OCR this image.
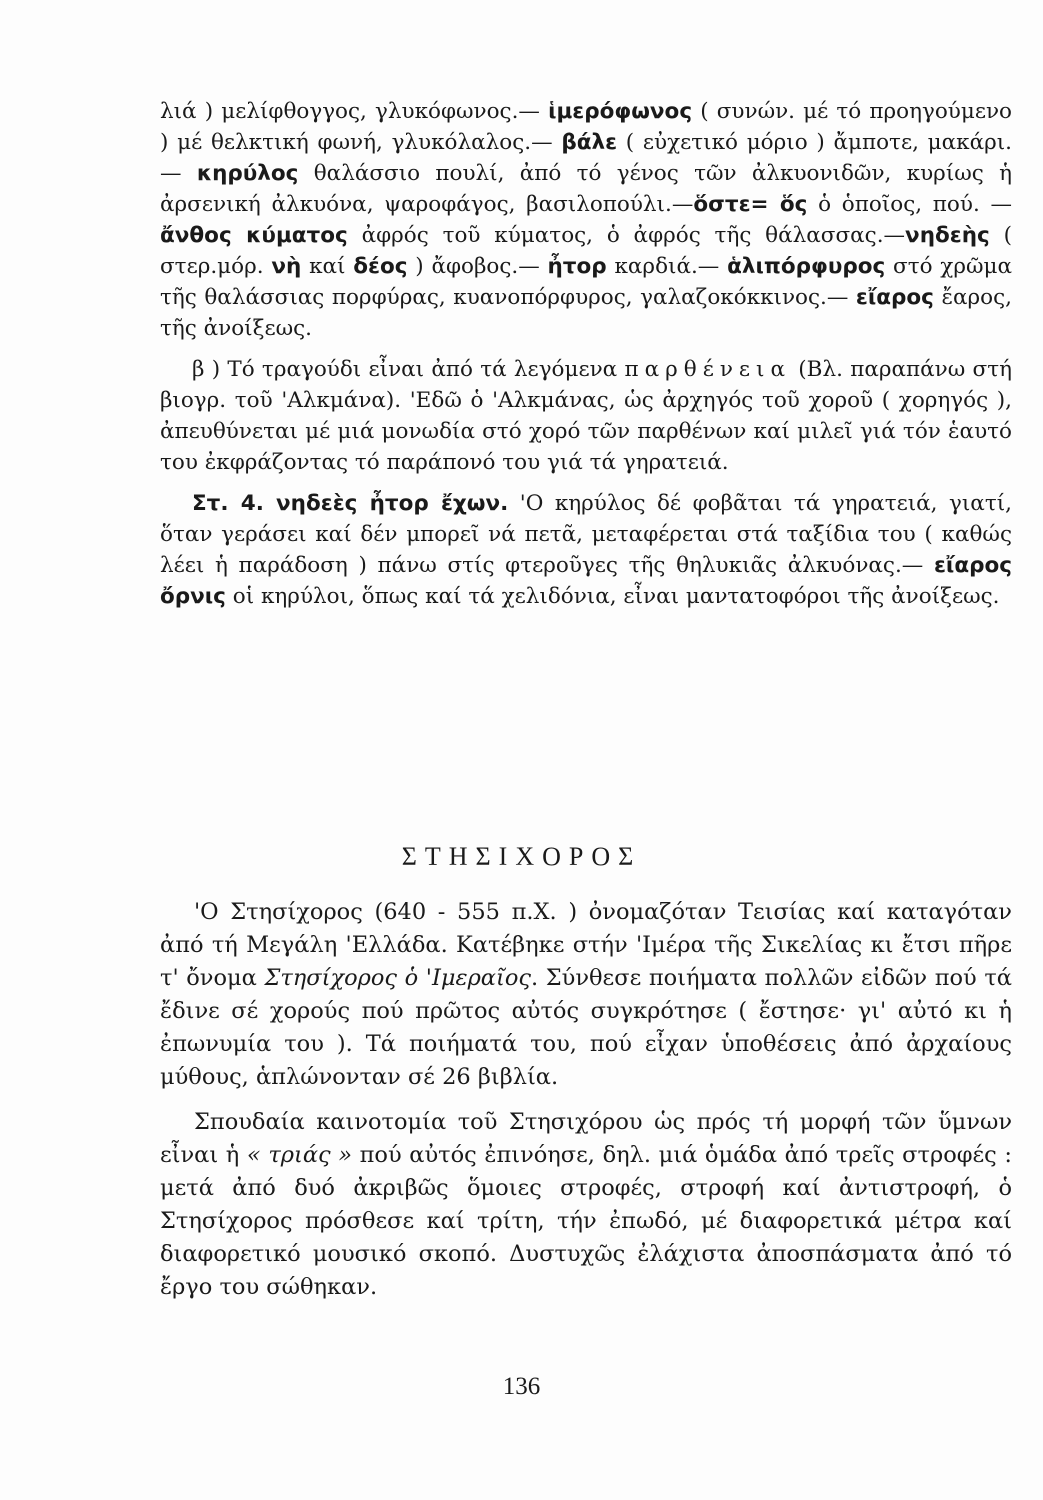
λιά ) μελίφθογγος, γλυκόφωνος.— ἱμερόφωνος ( συνών. μέ τό προηγούμενο ) μέ θελκτική φωνή, γλυκόλαλος.— βάλε ( εὐχετικό μόριο ) ἄμποτε, μακάρι.— κηρύλος θαλάσσιο πουλί, ἀπό τό γένος τῶν ἀλκυονιδῶν, κυρίως ἡ ἀρσενική ἀλκυόνα, ψαροφάγος, βασιλοπούλι.—ὅστε= ὅς ὁ ὁποῖος, πού. — ἄνθος κύματος ἀφρός τοῦ κύματος, ὁ ἀφρός τῆς θάλασσας.—νηδεὴς ( στερ.μόρ. νὴ καί δέος ) ἄφοβος.— ἦτορ καρδιά.— ἁλιπόρφυρος στό χρῶμα τῆς θαλάσσιας πορφύρας, κυανοπόρφυρος, γαλαζοκόκκινος.— εἴαρος ἔαρος, τῆς ἀνοίξεως.

β ) Τό τραγούδι εἶναι ἀπό τά λεγόμενα παρθένεια (Βλ. παραπάνω στή βιογρ. τοῦ 'Αλκμάνα). 'Εδῶ ὁ 'Αλκμάνας, ὡς ἀρχηγός τοῦ χοροῦ ( χορηγός ), ἀπευθύνεται μέ μιά μονωδία στό χορό τῶν παρθένων καί μιλεῖ γιά τόν ἑαυτό του ἐκφράζοντας τό παράπονό του γιά τά γηρατειά.

Στ. 4. νηδεὲς ἦτορ ἔχων. 'Ο κηρύλος δέ φοβᾶται τά γηρατειά, γιατί, ὅταν γεράσει καί δέν μπορεῖ νά πετᾶ, μεταφέρεται στά ταξίδια του ( καθώς λέει ἡ παράδοση ) πάνω στίς φτεροῦγες τῆς θηλυκιᾶς ἀλκυόνας.— εἴαρος ὄρνις οἱ κηρύλοι, ὅπως καί τά χελιδόνια, εἶναι μαντατοφόροι τῆς ἀνοίξεως.

ΣΤΗΣΙΧΟΡΟΣ

'Ο Στησίχορος (640 - 555 π.Χ. ) ὀνομαζόταν Τεισίας καί καταγόταν ἀπό τή Μεγάλη 'Ελλάδα. Κατέβηκε στήν 'Ιμέρα τῆς Σικελίας κι ἔτσι πῆρε τ' ὄνομα Στησίχορος ὁ 'Ιμεραῖος. Σύνθεσε ποιήματα πολλῶν εἰδῶν πού τά ἔδινε σέ χορούς πού πρῶτος αὐτός συγκρότησε ( ἔστησε· γι' αὐτό κι ἡ ἐπωνυμία του ). Τά ποιήματά του, πού εἶχαν ὑποθέσεις ἀπό ἀρχαίους μύθους, ἁπλώνονταν σέ 26 βιβλία.

Σπουδαία καινοτομία τοῦ Στησιχόρου ὡς πρός τή μορφή τῶν ὕμνων εἶναι ἡ « τριάς » πού αὐτός ἐπινόησε, δηλ. μιά ὁμάδα ἀπό τρεῖς στροφές : μετά ἀπό δυό ἀκριβῶς ὅμοιες στροφές, στροφή καί ἀντιστροφή, ὁ Στησίχορος πρόσθεσε καί τρίτη, τήν ἐπωδό, μέ διαφορετικά μέτρα καί διαφορετικό μουσικό σκοπό. Δυστυχῶς ἐλάχιστα ἀποσπάσματα ἀπό τό ἔργο του σώθηκαν.

136
